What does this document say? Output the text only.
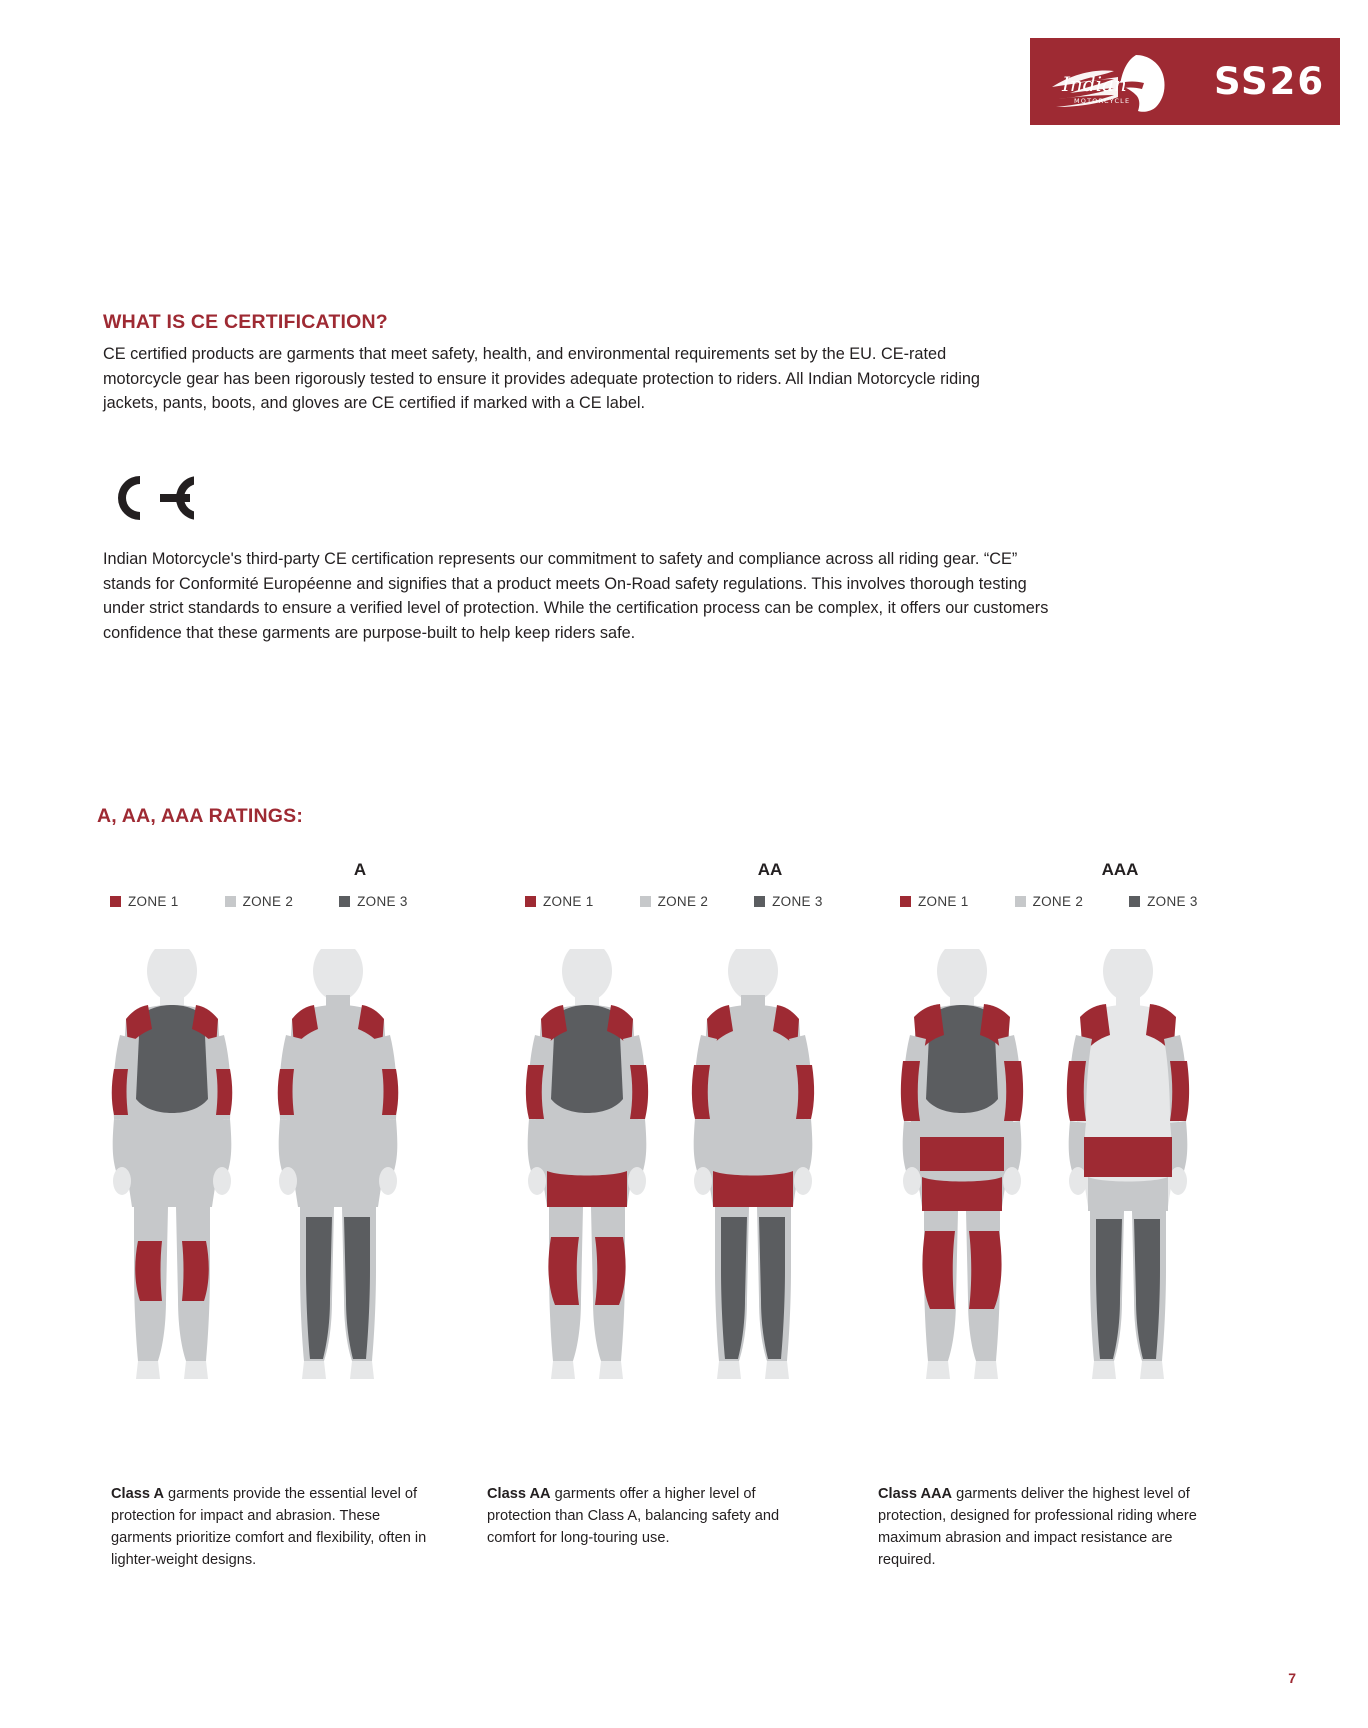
Indian
MOTORCYCLE SS26
WHAT IS CE CERTIFICATION?
CE certified products are garments that meet safety, health, and environmental requirements set by the EU. CE-rated motorcycle gear has been rigorously tested to ensure it provides adequate protection to riders. All Indian Motorcycle riding jackets, pants, boots, and gloves are CE certified if marked with a CE label.
Indian Motorcycle's third-party CE certification represents our commitment to safety and compliance across all riding gear. “CE” stands for Conformité Européenne and signifies that a product meets On-Road safety regulations. This involves thorough testing under strict standards to ensure a verified level of protection. While the certification process can be complex, it offers our customers confidence that these garments are purpose-built to help keep riders safe.
A, AA, AAA RATINGS:
A
ZONE 1	ZONE 2	ZONE 3
AA
ZONE 1	ZONE 2	ZONE 3
AAA
ZONE 1	ZONE 2	ZONE 3
Class A garments provide the essential level of protection for impact and abrasion. These garments prioritize comfort and flexibility, often in lighter-weight designs.
Class AA garments offer a higher level of protection than Class A, balancing safety and comfort for long-touring use.
Class AAA garments deliver the highest level of protection, designed for professional riding where maximum abrasion and impact resistance are required.
7
